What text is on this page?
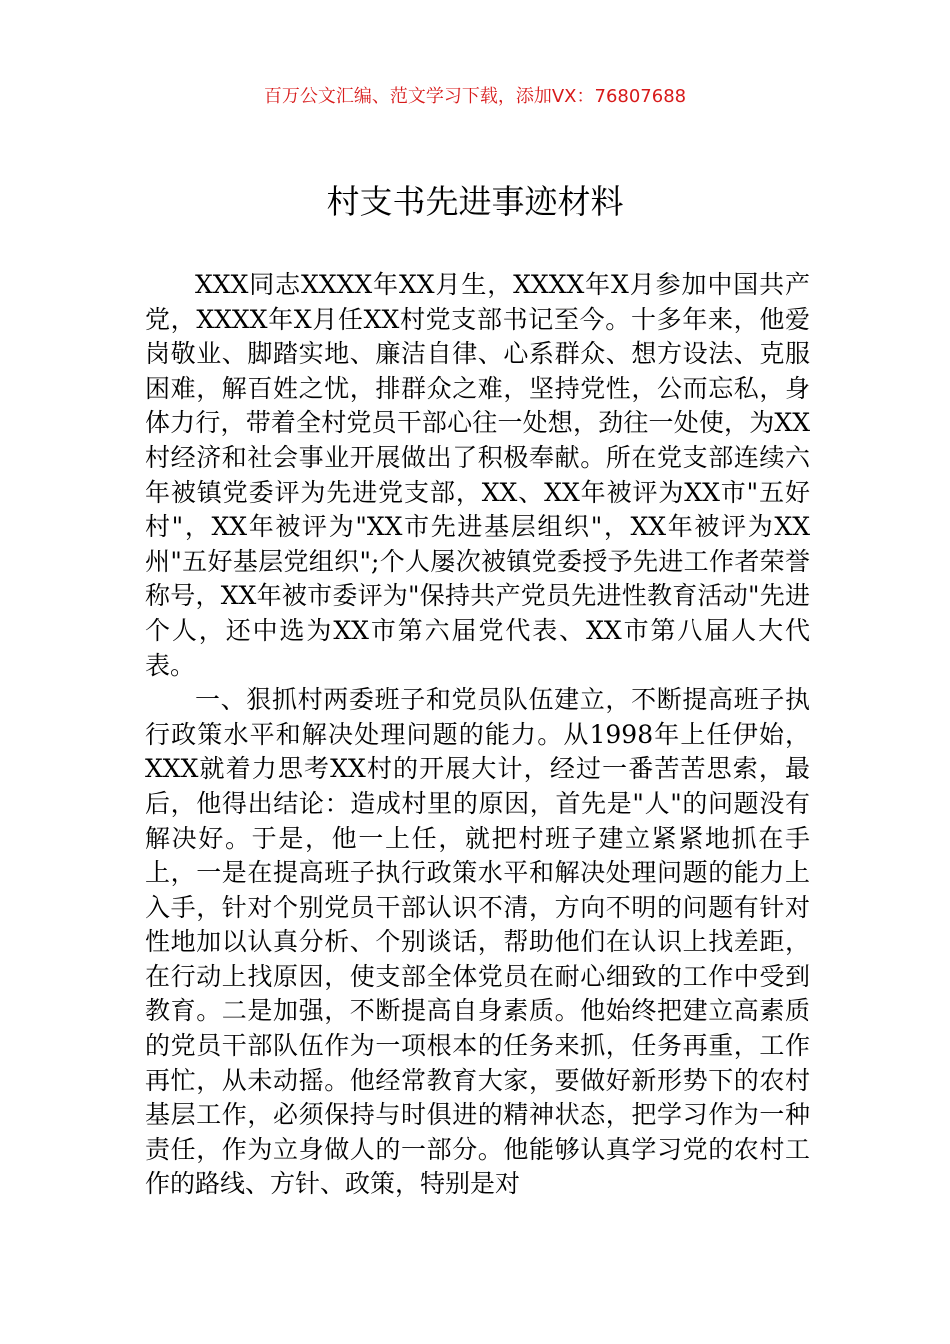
百万公文汇编、范文学习下载，添加VX：76807688
村支书先进事迹材料

XXX同志XXXX年XX月生，XXXX年X月参加中国共产党，XXXX年X月任XX村党支部书记至今。十多年来，他爱岗敬业、脚踏实地、廉洁自律、心系群众、想方设法、克服困难，解百姓之忧，排群众之难，坚持党性，公而忘私，身体力行，带着全村党员干部心往一处想，劲往一处使，为XX村经济和社会事业开展做出了积极奉献。所在党支部连续六年被镇党委评为先进党支部，XX、XX年被评为XX市"五好村"，XX年被评为"XX市先进基层组织"，XX年被评为XX州"五好基层党组织";个人屡次被镇党委授予先进工作者荣誉称号，XX年被市委评为"保持共产党员先进性教育活动"先进个人，还中选为XX市第六届党代表、XX市第八届人大代表。

一、狠抓村两委班子和党员队伍建立，不断提高班子执行政策水平和解决处理问题的能力。从1998年上任伊始，XXX就着力思考XX村的开展大计，经过一番苦苦思索，最后，他得出结论：造成村里的原因，首先是"人"的问题没有解决好。于是，他一上任，就把村班子建立紧紧地抓在手上，一是在提高班子执行政策水平和解决处理问题的能力上入手，针对个别党员干部认识不清，方向不明的问题有针对性地加以认真分析、个别谈话，帮助他们在认识上找差距，在行动上找原因，使支部全体党员在耐心细致的工作中受到教育。二是加强，不断提高自身素质。他始终把建立高素质的党员干部队伍作为一项根本的任务来抓，任务再重，工作再忙，从未动摇。他经常教育大家，要做好新形势下的农村基层工作，必须保持与时俱进的精神状态，把学习作为一种责任，作为立身做人的一部分。他能够认真学习党的农村工作的路线、方针、政策，特别是对
